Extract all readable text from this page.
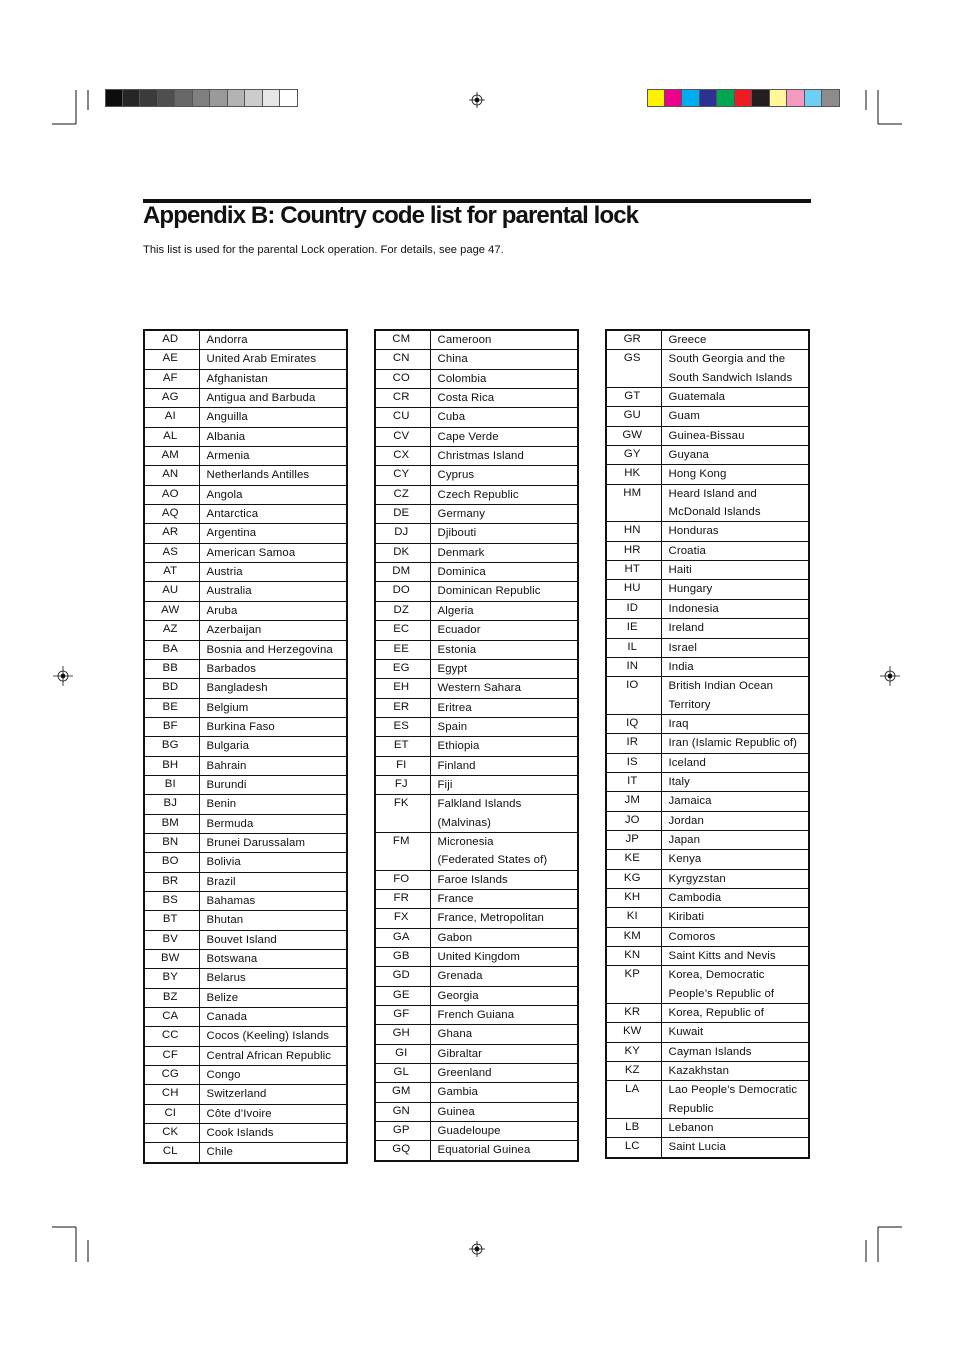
Appendix B: Country code list for parental lock

This list is used for the parental Lock operation. For details, see page 47.

AD	Andorra

AE	United Arab Emirates

AF	Afghanistan

AG	Antigua and Barbuda

AI	Anguilla

AL	Albania

AM	Armenia

AN	Netherlands Antilles

AO	Angola

AQ	Antarctica

AR	Argentina

AS	American Samoa

AT	Austria

AU	Australia

AW	Aruba

AZ	Azerbaijan

BA	Bosnia and Herzegovina

BB	Barbados

BD	Bangladesh

BE	Belgium

BF	Burkina Faso

BG	Bulgaria

BH	Bahrain

BI	Burundi

BJ	Benin

BM	Bermuda

BN	Brunei Darussalam

BO	Bolivia

BR	Brazil

BS	Bahamas

BT	Bhutan

BV	Bouvet Island

BW	Botswana

BY	Belarus

BZ	Belize

CA	Canada

CC	Cocos (Keeling) Islands

CF	Central African Republic

CG	Congo

CH	Switzerland

CI	Côte d’Ivoire

CK	Cook Islands

CL	Chile
CM	Cameroon

CN	China

CO	Colombia

CR	Costa Rica

CU	Cuba

CV	Cape Verde

CX	Christmas Island

CY	Cyprus

CZ	Czech Republic

DE	Germany

DJ	Djibouti

DK	Denmark

DM	Dominica

DO	Dominican Republic

DZ	Algeria

EC	Ecuador

EE	Estonia

EG	Egypt

EH	Western Sahara

ER	Eritrea

ES	Spain

ET	Ethiopia

FI	Finland

FJ	Fiji

FK	Falkland Islands
(Malvinas)

FM	Micronesia
(Federated States of)

FO	Faroe Islands

FR	France

FX	France, Metropolitan

GA	Gabon

GB	United Kingdom

GD	Grenada

GE	Georgia

GF	French Guiana

GH	Ghana

GI	Gibraltar

GL	Greenland

GM	Gambia

GN	Guinea

GP	Guadeloupe

GQ	Equatorial Guinea
GR	Greece

GS	South Georgia and the
South Sandwich Islands

GT	Guatemala

GU	Guam

GW	Guinea-Bissau

GY	Guyana

HK	Hong Kong

HM	Heard Island and
McDonald Islands

HN	Honduras

HR	Croatia

HT	Haiti

HU	Hungary

ID	Indonesia

IE	Ireland

IL	Israel

IN	India

IO	British Indian Ocean
Territory

IQ	Iraq

IR	Iran (Islamic Republic of)

IS	Iceland

IT	Italy

JM	Jamaica

JO	Jordan

JP	Japan

KE	Kenya

KG	Kyrgyzstan

KH	Cambodia

KI	Kiribati

KM	Comoros

KN	Saint Kitts and Nevis

KP	Korea, Democratic
People’s Republic of

KR	Korea, Republic of

KW	Kuwait

KY	Cayman Islands

KZ	Kazakhstan

LA	Lao People’s Democratic
Republic

LB	Lebanon

LC	Saint Lucia
